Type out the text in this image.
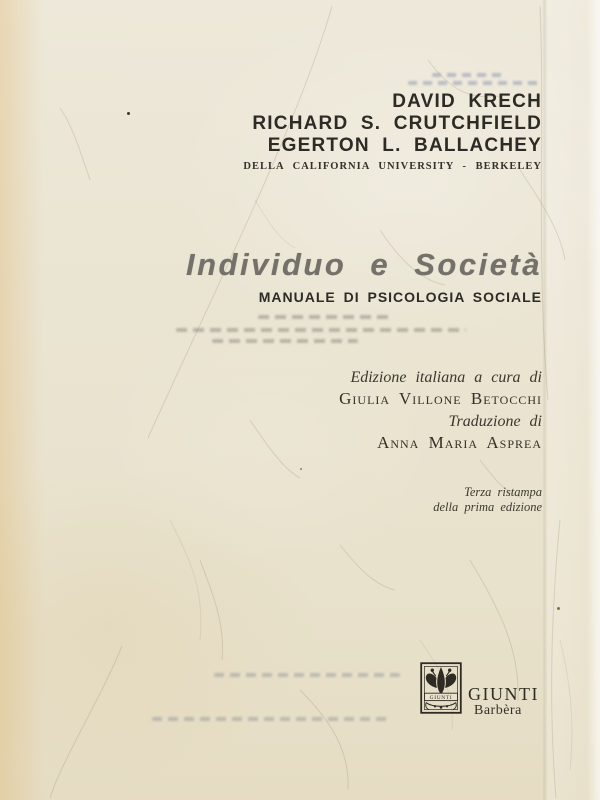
DAVID KRECH
RICHARD S. CRUTCHFIELD
EGERTON L. BALLACHEY
DELLA CALIFORNIA UNIVERSITY - BERKELEY
Individuo e Società
MANUALE DI PSICOLOGIA SOCIALE
Edizione italiana a cura di
Giulia Villone Betocchi
Traduzione di
Anna Maria Asprea
Terza ristampa
della prima edizione
GIUNTI GIUNTI
Barbèra
